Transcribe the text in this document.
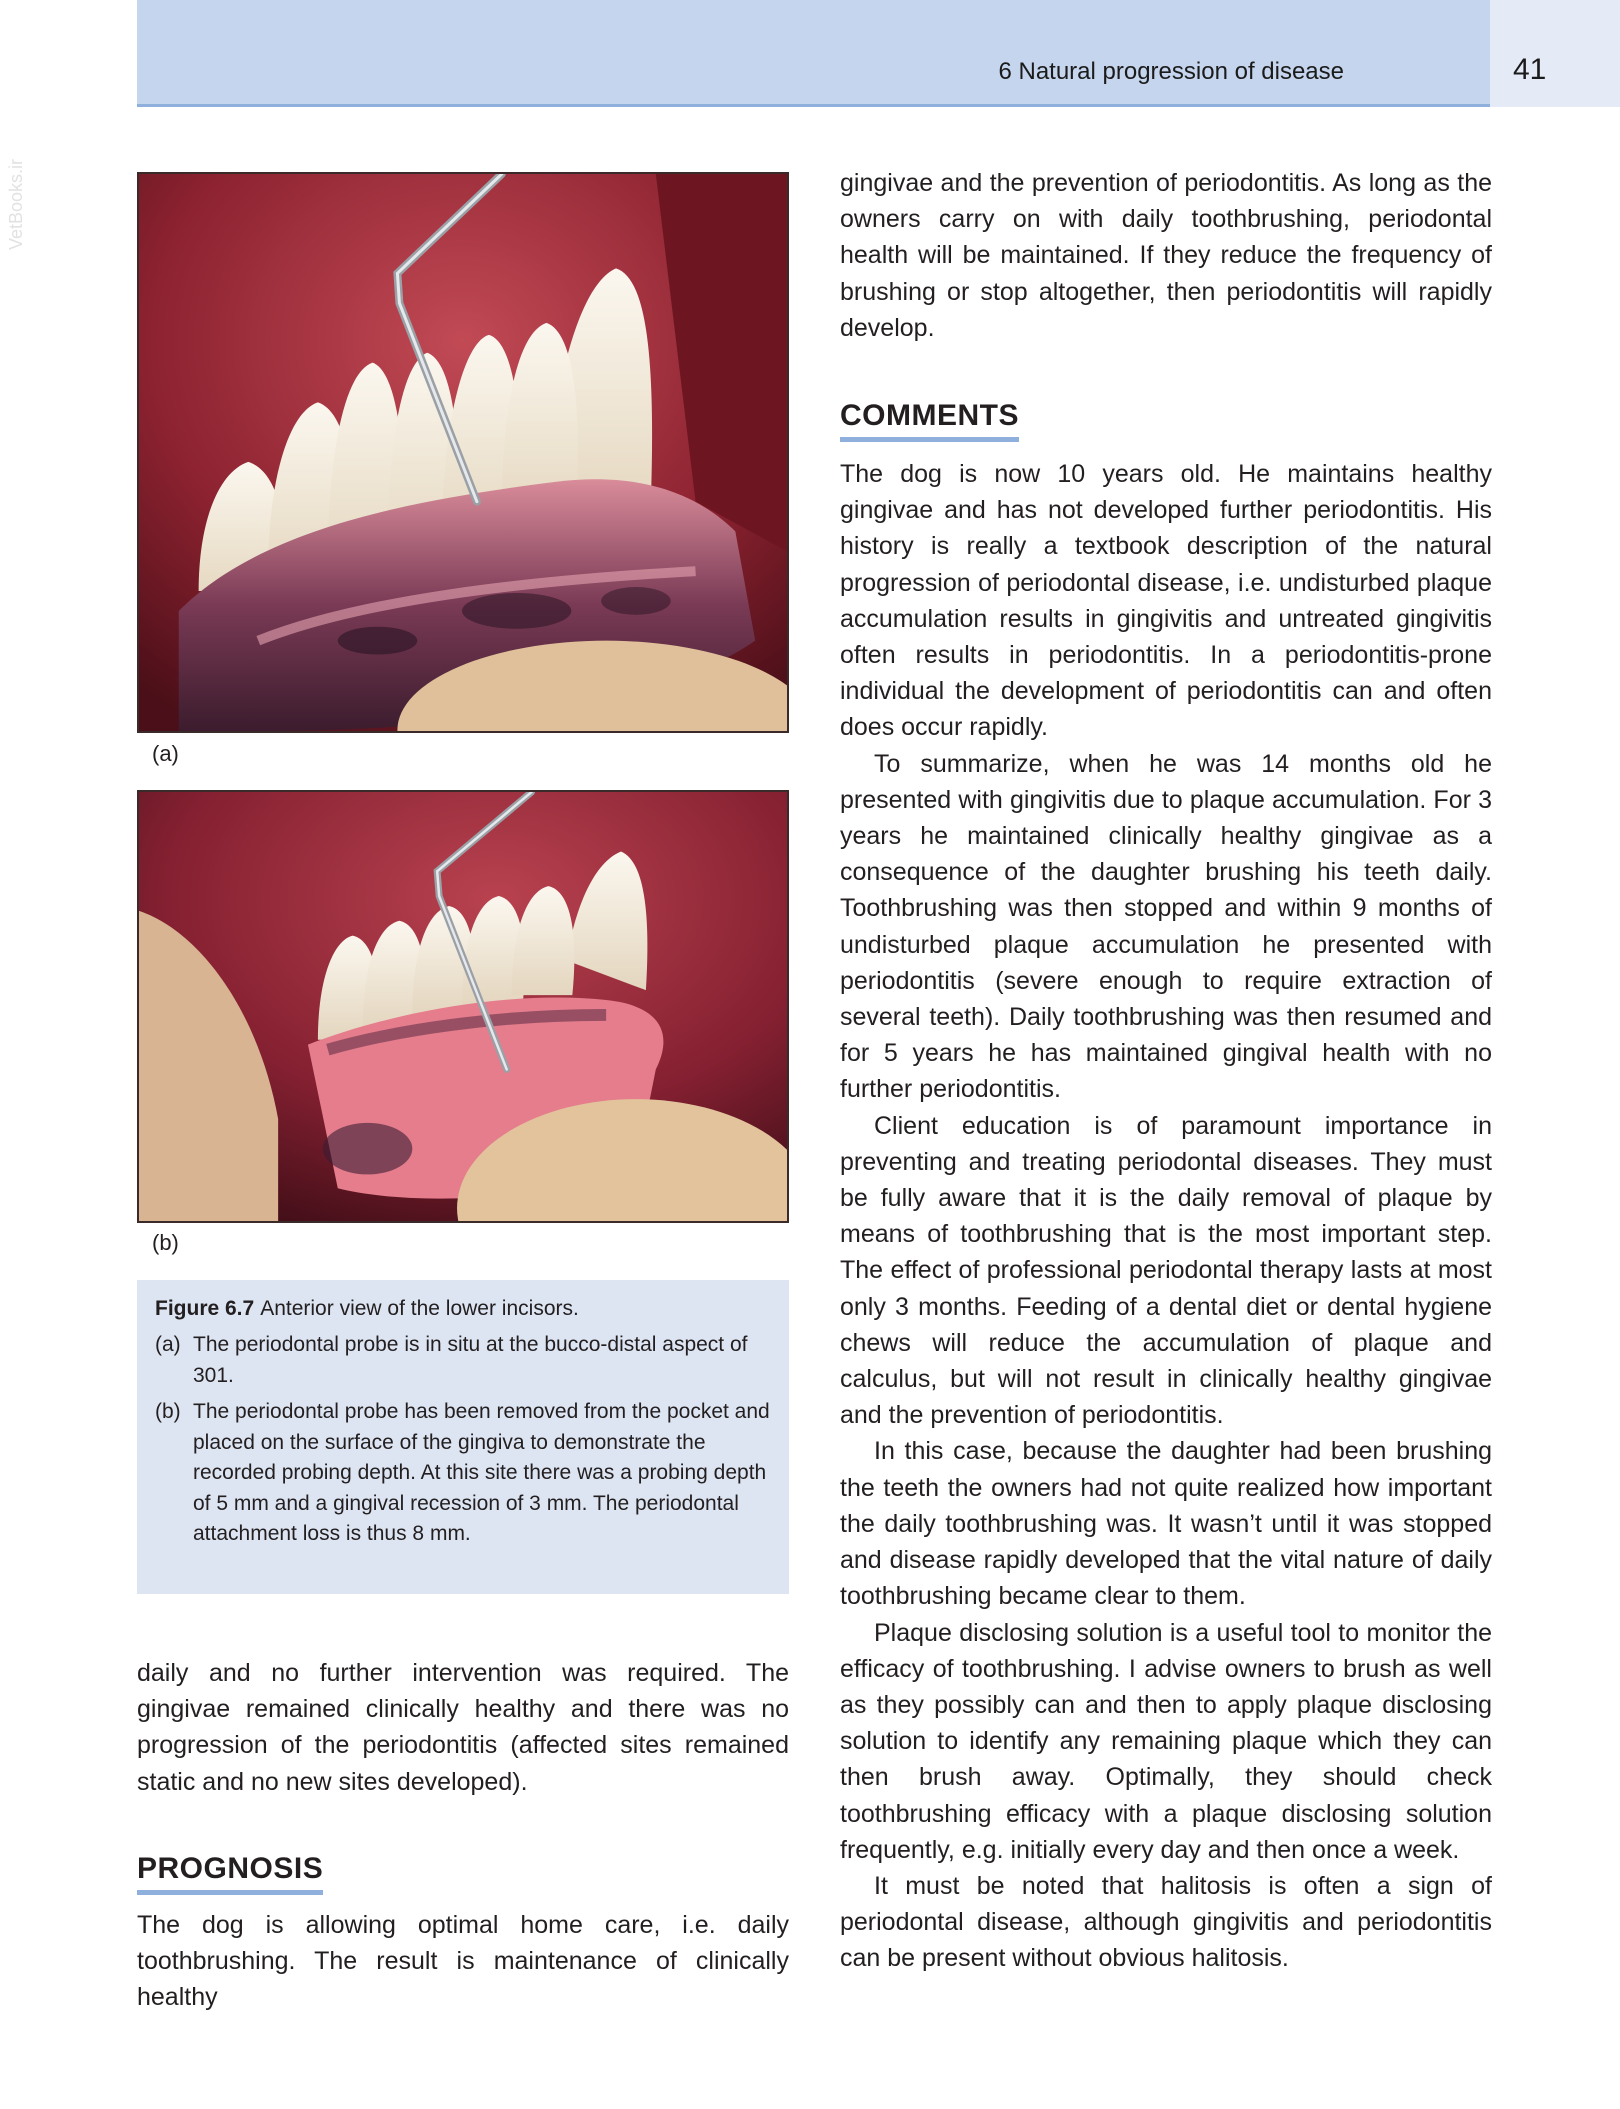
6 Natural progression of disease	41
VetBooks.ir
(a)
(b)
Figure 6.7 Anterior view of the lower incisors.
(a) The periodontal probe is in situ at the bucco-distal aspect of 301.
(b) The periodontal probe has been removed from the pocket and placed on the surface of the gingiva to demonstrate the recorded probing depth. At this site there was a probing depth of 5 mm and a gingival recession of 3 mm. The periodontal attachment loss is thus 8 mm.

daily and no further intervention was required. The gingivae remained clinically healthy and there was no progression of the periodontitis (affected sites remained static and no new sites developed).

PROGNOSIS

The dog is allowing optimal home care, i.e. daily toothbrushing. The result is maintenance of clinically healthy

gingivae and the prevention of periodontitis. As long as the owners carry on with daily toothbrushing, periodontal health will be maintained. If they reduce the frequency of brushing or stop altogether, then periodontitis will rapidly develop.

COMMENTS

The dog is now 10 years old. He maintains healthy gingivae and has not developed further periodontitis. His history is really a textbook description of the natural progression of periodontal disease, i.e. undisturbed plaque accumulation results in gingivitis and untreated gingivitis often results in periodontitis. In a periodontitis-prone individual the development of periodontitis can and often does occur rapidly.

To summarize, when he was 14 months old he presented with gingivitis due to plaque accumulation. For 3 years he maintained clinically healthy gingivae as a consequence of the daughter brushing his teeth daily. Toothbrushing was then stopped and within 9 months of undisturbed plaque accumulation he presented with periodontitis (severe enough to require extraction of several teeth). Daily toothbrushing was then resumed and for 5 years he has maintained gingival health with no further periodontitis.

Client education is of paramount importance in preventing and treating periodontal diseases. They must be fully aware that it is the daily removal of plaque by means of toothbrushing that is the most important step. The effect of professional periodontal therapy lasts at most only 3 months. Feeding of a dental diet or dental hygiene chews will reduce the accumulation of plaque and calculus, but will not result in clinically healthy gingivae and the prevention of periodontitis.

In this case, because the daughter had been brushing the teeth the owners had not quite realized how important the daily toothbrushing was. It wasn’t until it was stopped and disease rapidly developed that the vital nature of daily toothbrushing became clear to them.

Plaque disclosing solution is a useful tool to monitor the efficacy of toothbrushing. I advise owners to brush as well as they possibly can and then to apply plaque disclosing solution to identify any remaining plaque which they can then brush away. Optimally, they should check toothbrushing efficacy with a plaque disclosing solution frequently, e.g. initially every day and then once a week.

It must be noted that halitosis is often a sign of periodontal disease, although gingivitis and periodontitis can be present without obvious halitosis.
